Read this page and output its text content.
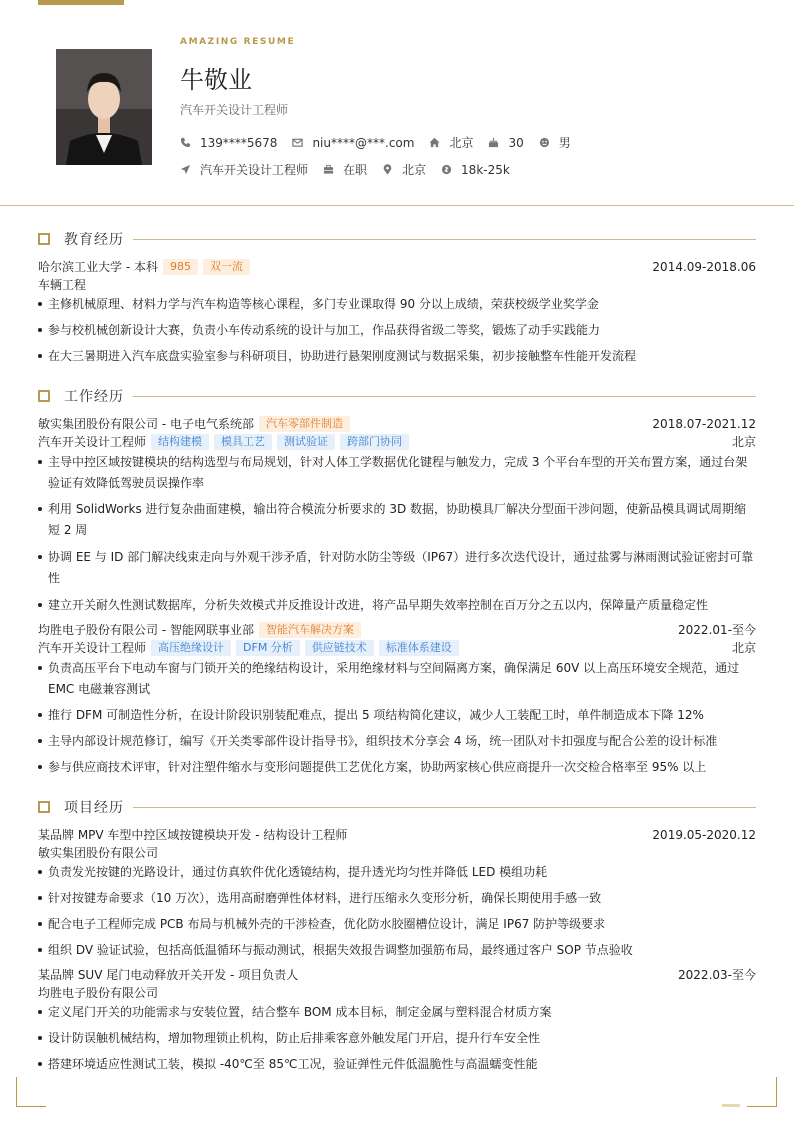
AMAZING RESUME
牛敬业
汽车开关设计工程师
139****5678	niu****@***.com	北京	30	男
汽车开关设计工程师	在职	北京	18k-25k
教育经历
哈尔滨工业大学 - 本科	985	双一流	2014.09-2018.06
车辆工程
主修机械原理、材料力学与汽车构造等核心课程，多门专业课取得 90 分以上成绩，荣获校级学业奖学金
参与校机械创新设计大赛，负责小车传动系统的设计与加工，作品获得省级二等奖，锻炼了动手实践能力
在大三暑期进入汽车底盘实验室参与科研项目，协助进行悬架刚度测试与数据采集，初步接触整车性能开发流程
工作经历
敏实集团股份有限公司 - 电子电气系统部	汽车零部件制造	2018.07-2021.12
汽车开关设计工程师	结构建模	模具工艺	测试验证	跨部门协同	北京
主导中控区域按键模块的结构选型与布局规划，针对人体工学数据优化键程与触发力，完成 3 个平台车型的开关布置方案，通过台架验证有效降低驾驶员误操作率
利用 SolidWorks 进行复杂曲面建模，输出符合模流分析要求的 3D 数据，协助模具厂解决分型面干涉问题，使新品模具调试周期缩短 2 周
协调 EE 与 ID 部门解决线束走向与外观干涉矛盾，针对防水防尘等级（IP67）进行多次迭代设计，通过盐雾与淋雨测试验证密封可靠性
建立开关耐久性测试数据库，分析失效模式并反推设计改进，将产品早期失效率控制在百万分之五以内，保障量产质量稳定性
均胜电子股份有限公司 - 智能网联事业部	智能汽车解决方案	2022.01-至今
汽车开关设计工程师	高压绝缘设计	DFM 分析	供应链技术	标准体系建设	北京
负责高压平台下电动车窗与门锁开关的绝缘结构设计，采用绝缘材料与空间隔离方案，确保满足 60V 以上高压环境安全规范，通过 EMC 电磁兼容测试
推行 DFM 可制造性分析，在设计阶段识别装配难点，提出 5 项结构简化建议，减少人工装配工时，单件制造成本下降 12%
主导内部设计规范修订，编写《开关类零部件设计指导书》，组织技术分享会 4 场，统一团队对卡扣强度与配合公差的设计标准
参与供应商技术评审，针对注塑件缩水与变形问题提供工艺优化方案，协助两家核心供应商提升一次交检合格率至 95% 以上
项目经历
某品牌 MPV 车型中控区域按键模块开发 - 结构设计工程师	2019.05-2020.12
敏实集团股份有限公司
负责发光按键的光路设计，通过仿真软件优化透镜结构，提升透光均匀性并降低 LED 模组功耗
针对按键寿命要求（10 万次），选用高耐磨弹性体材料，进行压缩永久变形分析，确保长期使用手感一致
配合电子工程师完成 PCB 布局与机械外壳的干涉检查，优化防水胶圈槽位设计，满足 IP67 防护等级要求
组织 DV 验证试验，包括高低温循环与振动测试，根据失效报告调整加强筋布局，最终通过客户 SOP 节点验收
某品牌 SUV 尾门电动释放开关开发 - 项目负责人	2022.03-至今
均胜电子股份有限公司
定义尾门开关的功能需求与安装位置，结合整车 BOM 成本目标，制定金属与塑料混合材质方案
设计防误触机械结构，增加物理锁止机构，防止后排乘客意外触发尾门开启，提升行车安全性
搭建环境适应性测试工装，模拟 -40℃至 85℃工况，验证弹性元件低温脆性与高温蠕变性能
